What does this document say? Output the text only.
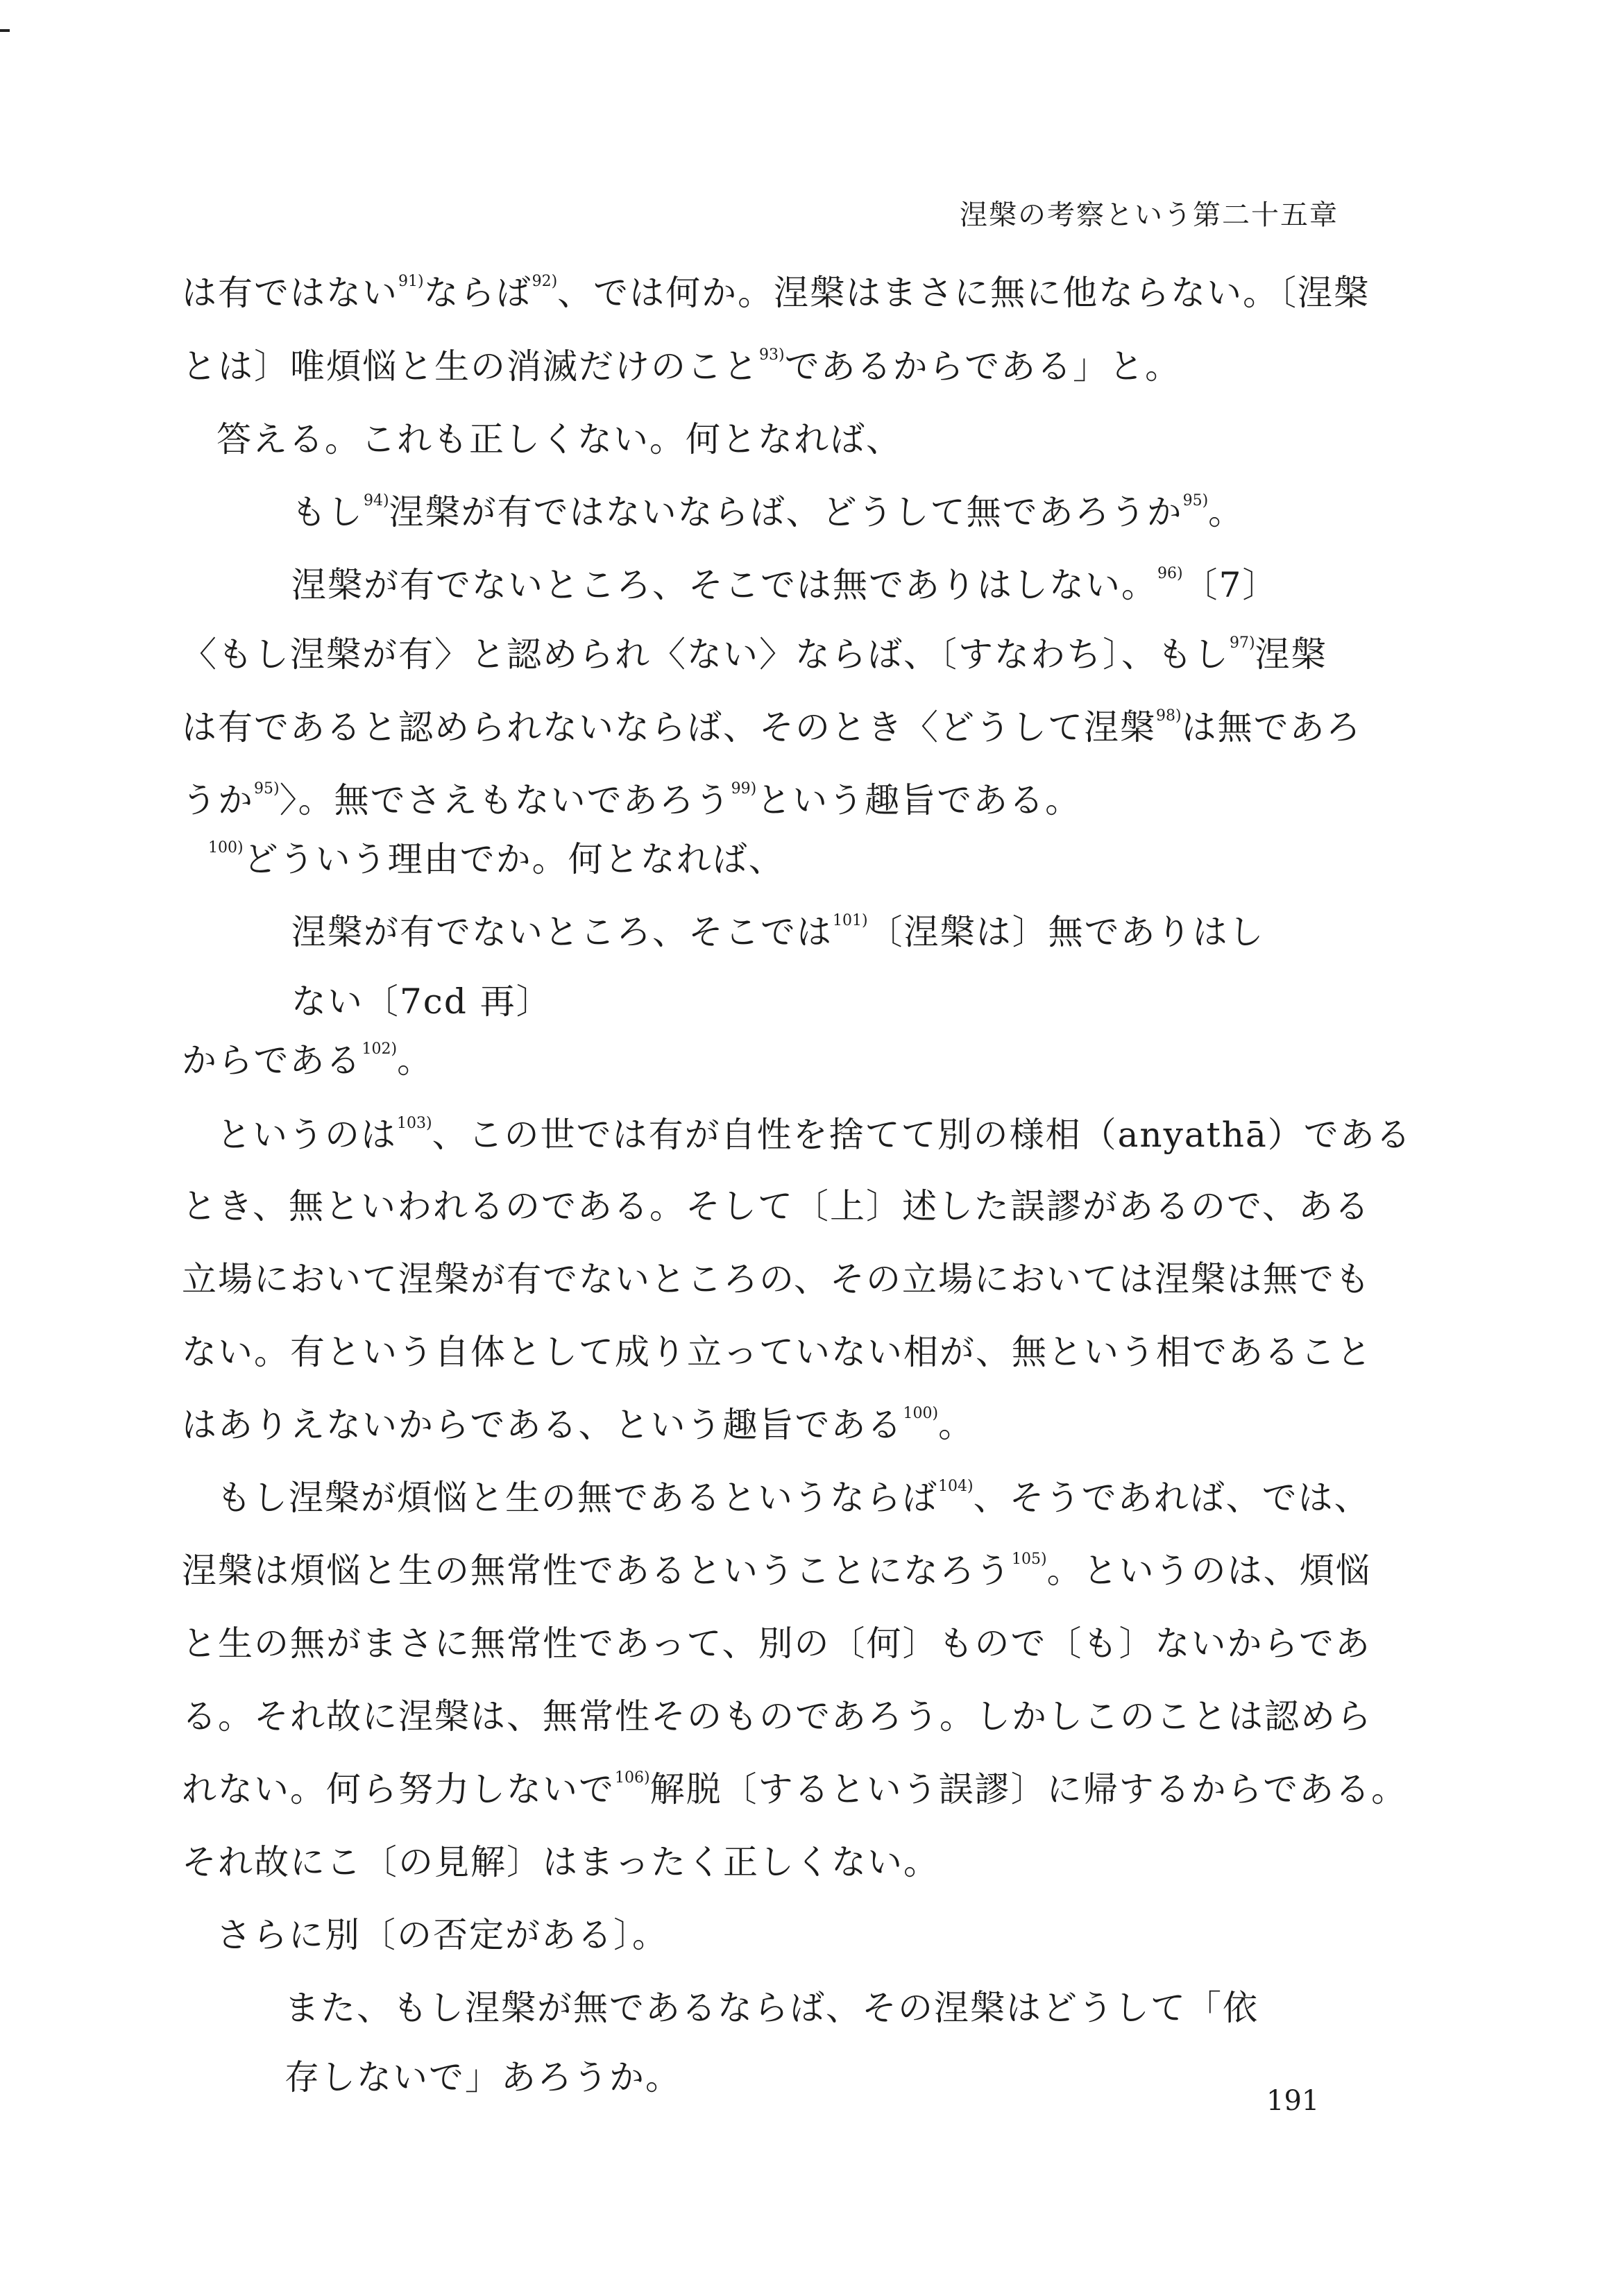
涅槃の考察という第二十五章
は有ではない$^{91)}$ならば$^{92)}$、では何か。涅槃はまさに無に他ならない。〔涅槃
とは〕唯煩悩と生の消滅だけのこと$^{93)}$であるからである」と。
答える。これも正しくない。何となれば、
もし$^{94)}$涅槃が有ではないならば、どうして無であろうか$^{95)}$。
涅槃が有でないところ、そこでは無でありはしない。$^{96)}$〔7〕
〈もし涅槃が有〉と認められ〈ない〉ならば、〔すなわち〕、もし$^{97)}$涅槃
は有であると認められないならば、そのとき〈どうして涅槃$^{98)}$は無であろ
うか$^{95)}$〉。無でさえもないであろう$^{99)}$という趣旨である。
$^{100)}$どういう理由でか。何となれば、
涅槃が有でないところ、そこでは$^{101)}$〔涅槃は〕無でありはし
ない〔7cd 再〕
からである$^{102)}$。
というのは$^{103)}$、この世では有が自性を捨てて別の様相（anyathā）である
とき、無といわれるのである。そして〔上〕述した誤謬があるので、ある
立場において涅槃が有でないところの、その立場においては涅槃は無でも
ない。有という自体として成り立っていない相が、無という相であること
はありえないからである、という趣旨である$^{100)}$。
もし涅槃が煩悩と生の無であるというならば$^{104)}$、そうであれば、では、
涅槃は煩悩と生の無常性であるということになろう$^{105)}$。というのは、煩悩
と生の無がまさに無常性であって、別の〔何〕もので〔も〕ないからであ
る。それ故に涅槃は、無常性そのものであろう。しかしこのことは認めら
れない。何ら努力しないで$^{106)}$解脱〔するという誤謬〕に帰するからである。
それ故にこ〔の見解〕はまったく正しくない。
さらに別〔の否定がある〕。
また、もし涅槃が無であるならば、その涅槃はどうして「依
存しないで」あろうか。
191
